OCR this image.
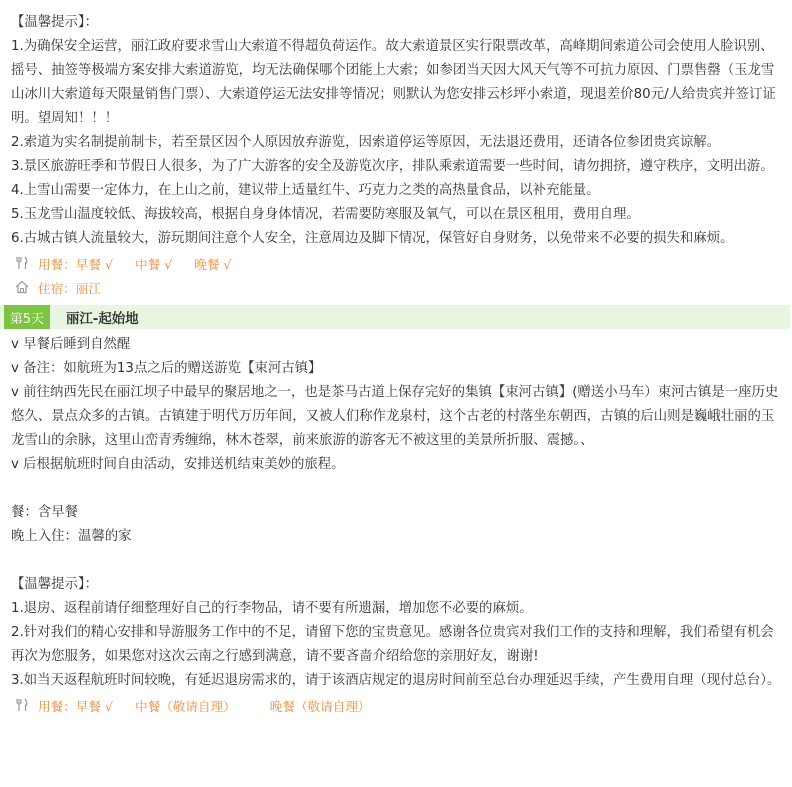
【温馨提示】：

1.为确保安全运营，丽江政府要求雪山大索道不得超负荷运作。故大索道景区实行限票改革，高峰期间索道公司会使用人脸识别、摇号、抽签等极端方案安排大索道游览，均无法确保哪个团能上大索；如参团当天因大风天气等不可抗力原因、门票售罄（玉龙雪山冰川大索道每天限量销售门票）、大索道停运无法安排等情况；则默认为您安排云杉坪小索道，现退差价80元/人给贵宾并签订证明。望周知！！！

2.索道为实名制提前制卡，若至景区因个人原因放弃游览，因索道停运等原因，无法退还费用，还请各位参团贵宾谅解。

3.景区旅游旺季和节假日人很多，为了广大游客的安全及游览次序，排队乘索道需要一些时间，请勿拥挤，遵守秩序，文明出游。

4.上雪山需要一定体力，在上山之前，建议带上适量红牛、巧克力之类的高热量食品，以补充能量。

5.玉龙雪山温度较低、海拔较高，根据自身身体情况，若需要防寒服及氧气，可以在景区租用，费用自理。

6.古城古镇人流量较大，游玩期间注意个人安全，注意周边及脚下情况，保管好自身财务，以免带来不必要的损失和麻烦。

用餐： 早餐 √ 中餐 √ 晚餐 √
住宿： 丽江
第5天	丽江-起始地

v 早餐后睡到自然醒

v 备注：如航班为13点之后的赠送游览【束河古镇】

v 前往纳西先民在丽江坝子中最早的聚居地之一，也是茶马古道上保存完好的集镇【束河古镇】(赠送小马车）束河古镇是一座历史悠久、景点众多的古镇。古镇建于明代万历年间，又被人们称作龙泉村，这个古老的村落坐东朝西，古镇的后山则是巍峨壮丽的玉龙雪山的余脉，这里山峦青秀缠绵，林木苍翠，前来旅游的游客无不被这里的美景所折服、震撼。、

v 后根据航班时间自由活动，安排送机结束美妙的旅程。

餐：含早餐

晚上入住：温馨的家

【温馨提示】：

1.退房、返程前请仔细整理好自己的行李物品，请不要有所遗漏，增加您不必要的麻烦。

2.针对我们的精心安排和导游服务工作中的不足，请留下您的宝贵意见。感谢各位贵宾对我们工作的支持和理解，我们希望有机会再次为您服务，如果您对这次云南之行感到满意，请不要吝啬介绍给您的亲朋好友，谢谢!

3.如当天返程航班时间较晚，有延迟退房需求的，请于该酒店规定的退房时间前至总台办理延迟手续，产生费用自理（现付总台）。

用餐： 早餐 √ 中餐（敬请自理）	晚餐（敬请自理）
